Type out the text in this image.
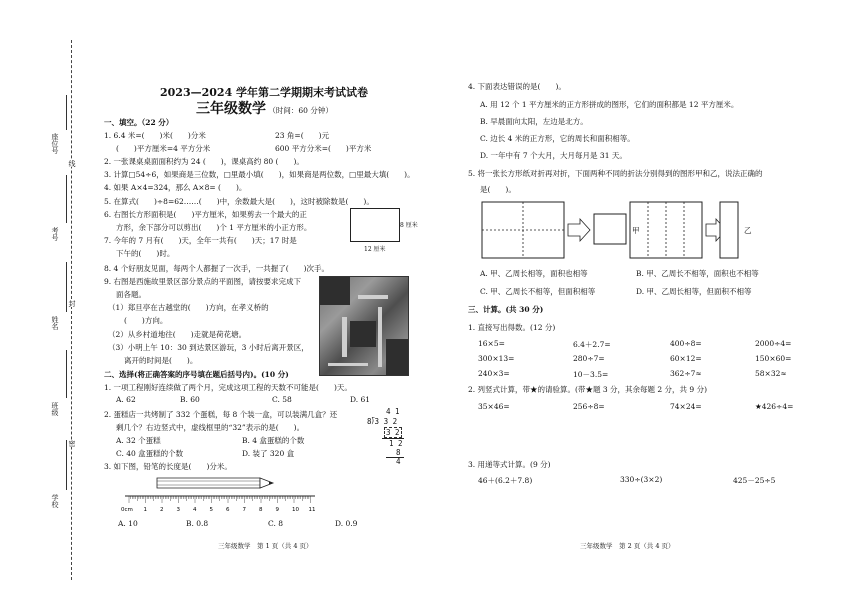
座位号
考号
姓名
班级
学校
线
封
密
2023—2024 学年第二学期期末考试试卷
三年级数学 （时间：60 分钟）
一、填空。（22 分）
1. 6.4 米=(　　)米(　　)分米	23 角=(　　)元
(　　)平方厘米=4 平方分米	600 平方分米=(　　)平方米
2. 一张课桌桌面面积约为 24 (　　)，课桌高约 80 (　　)。
3. 计算□54÷6，如果商是三位数，□里最小填(　　)，如果商是两位数，□里最大填(　　)。
4. 如果 A×4=324，那么 A×8= (　　)。
5. 在算式(　　)÷8=62……(　　)中，余数最大是(　　)，这时被除数是(　　)。
6. 右图长方形面积是(　　)平方厘米，如果剪去一个最大的正
方形，余下部分可以剪出(　　)个 1 平方厘米的小正方形。
7. 今年的 7 月有(　　)天，全年一共有(　　)天；17 时是
下午的(　　)时。
8 厘米
12 厘米
8. 4 个好朋友见面，每两个人都握了一次手，一共握了(　　)次手。
9. 右图是西施故里景区部分景点的平面图，请按要求完成下
面各题。
（1）郑旦亭在古越堂的(　　)方向，在孝义桥的
(　　)方向。
（2）从乡村道地往(　　)走就是荷花塘。
（3）小明上午 10：30 到达景区游玩，3 小时后离开景区，
离开的时间是(　　)。
二、选择(将正确答案的序号填在题后括号内)。(10 分)
1. 一项工程刚好连续做了两个月，完成这项工程的天数不可能是(　　)天。
A. 62	B. 60	C. 58	D. 61
2. 蛋糕店一共烤制了 332 个蛋糕，每 8 个装一盒，可以装满几盒？还
剩几个？右边竖式中，虚线框里的“32”表示的是(　　)。
A. 32 个蛋糕	B. 4 盒蛋糕的个数
C. 40 盒蛋糕的个数	D. 装了 320 盒
4 1
8⟌3 3 2
3 2
1 2
8
4
3. 如下图，铅笔的长度是(　　)分米。
0cm 1 2 3 4 5 6 7 8 9 10 11
A. 10	B. 0.8	C. 8	D. 0.9
三年级数学　第 1 页（共 4 页）
4. 下面表达错误的是(　　)。
A. 用 12 个 1 平方厘米的正方形拼成的图形，它们的面积都是 12 平方厘米。
B. 早晨面向太阳，左边是北方。
C. 边长 4 米的正方形，它的周长和面积相等。
D. 一年中有 7 个大月，大月每月是 31 天。
5. 将一张长方形纸对折再对折，下面两种不同的折法分别得到的图形甲和乙，说法正确的
是(　　)。
甲	乙
A. 甲、乙周长相等，面积也相等	B. 甲、乙周长不相等，面积也不相等
C. 甲、乙周长不相等，但面积相等	D. 甲、乙周长相等，但面积不相等
三、计算。(共 30 分)
1. 直接写出得数。(12 分)
16×5=	6.4＋2.7=	400÷8=	2000÷4=
300×13=	280÷7=	60×12=	150×60=
240×3=	10－3.5=	362÷7≈	58×32≈
2. 列竖式计算，带★的请验算。(带★题 3 分，其余每题 2 分，共 9 分)
35×46=	256÷8=	74×24=	★426÷4=
3. 用递等式计算。(9 分)
46＋(6.2＋7.8)	330÷(3×2)	425－25÷5
三年级数学　第 2 页（共 4 页）
